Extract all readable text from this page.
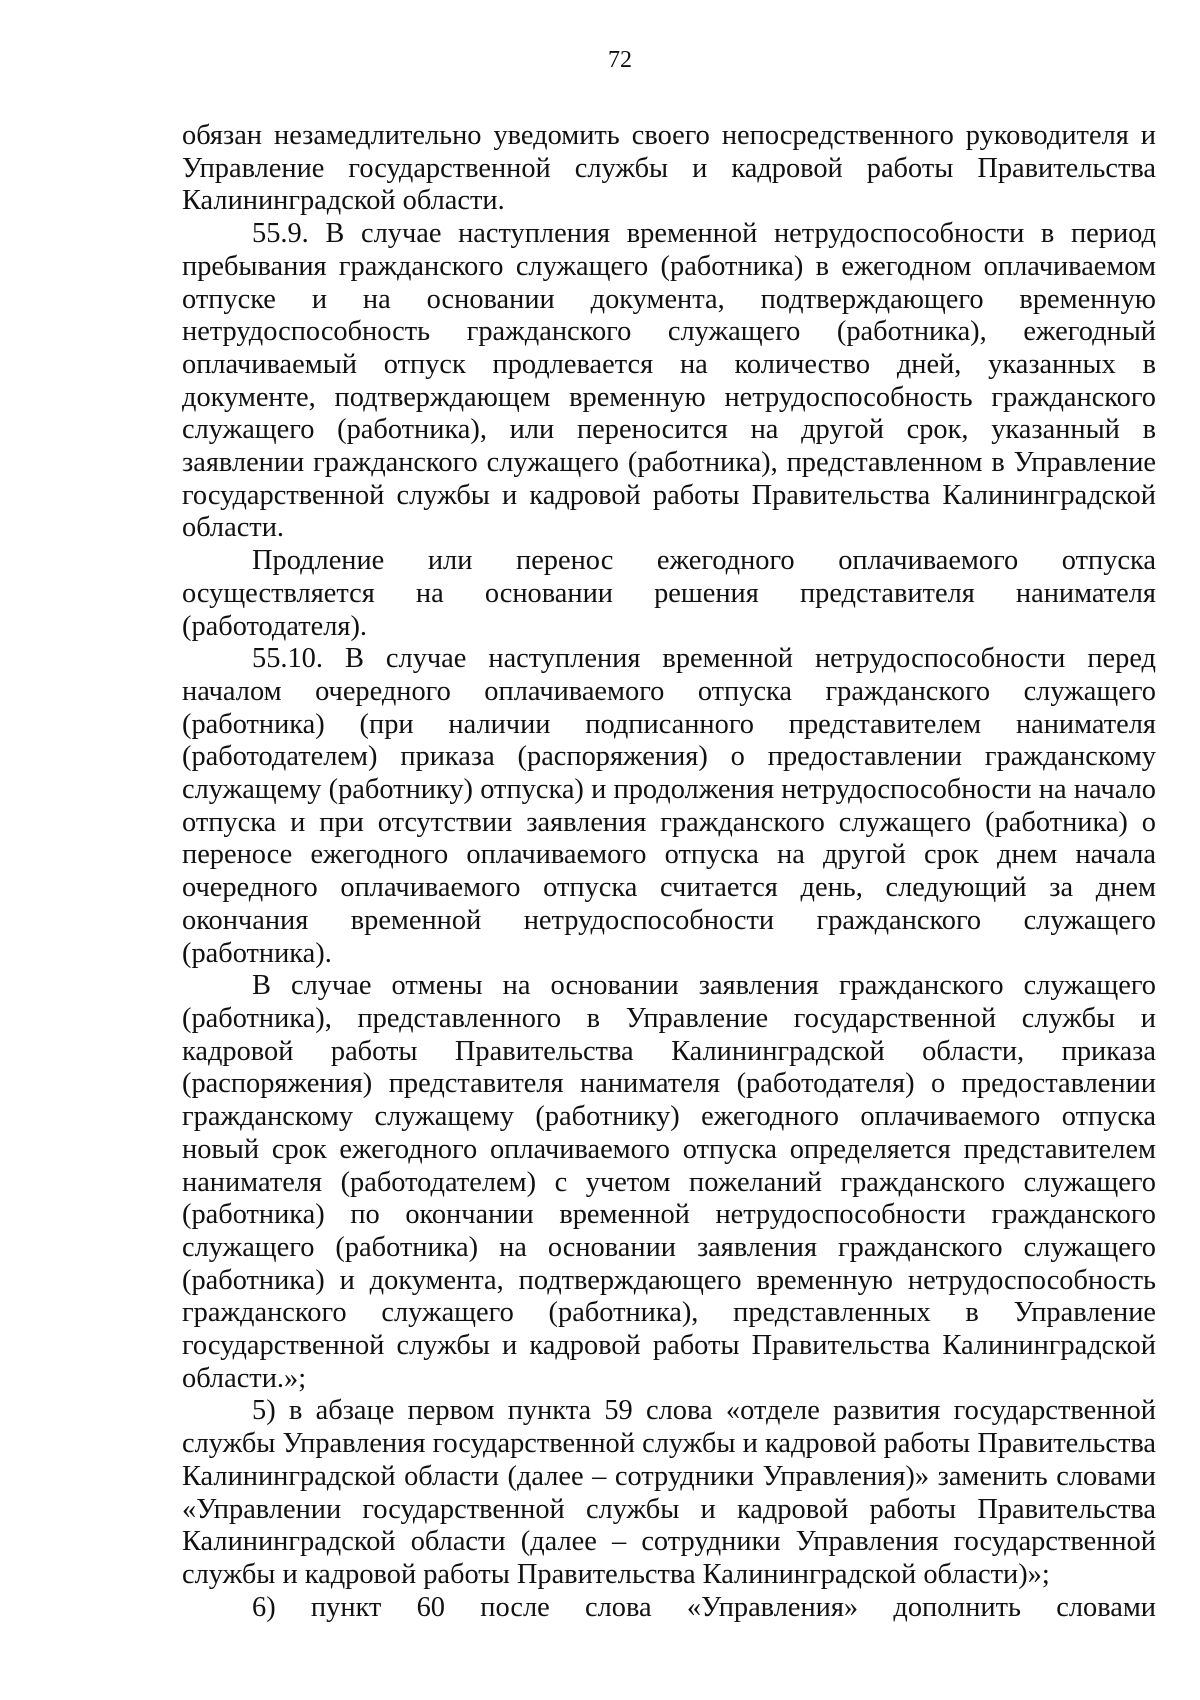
72

обязан незамедлительно уведомить своего непосредственного руководителя и Управление государственной службы и кадровой работы Правительства Калининградской области.

55.9. В случае наступления временной нетрудоспособности в период пребывания гражданского служащего (работника) в ежегодном оплачиваемом отпуске и на основании документа, подтверждающего временную нетрудоспособность гражданского служащего (работника), ежегодный оплачиваемый отпуск продлевается на количество дней, указанных в документе, подтверждающем временную нетрудоспособность гражданского служащего (работника), или переносится на другой срок, указанный в заявлении гражданского служащего (работника), представленном в Управление государственной службы и кадровой работы Правительства Калининградской области.

Продление или перенос ежегодного оплачиваемого отпуска осуществляется на основании решения представителя нанимателя (работодателя).

55.10. В случае наступления временной нетрудоспособности перед началом очередного оплачиваемого отпуска гражданского служащего (работника) (при наличии подписанного представителем нанимателя (работодателем) приказа (распоряжения) о предоставлении гражданскому служащему (работнику) отпуска) и продолжения нетрудоспособности на начало отпуска и при отсутствии заявления гражданского служащего (работника) о переносе ежегодного оплачиваемого отпуска на другой срок днем начала очередного оплачиваемого отпуска считается день, следующий за днем окончания временной нетрудоспособности гражданского служащего (работника).

В случае отмены на основании заявления гражданского служащего (работника), представленного в Управление государственной службы и кадровой работы Правительства Калининградской области, приказа (распоряжения) представителя нанимателя (работодателя) о предоставлении гражданскому служащему (работнику) ежегодного оплачиваемого отпуска новый срок ежегодного оплачиваемого отпуска определяется представителем нанимателя (работодателем) с учетом пожеланий гражданского служащего (работника) по окончании временной нетрудоспособности гражданского служащего (работника) на основании заявления гражданского служащего (работника) и документа, подтверждающего временную нетрудоспособность гражданского служащего (работника), представленных в Управление государственной службы и кадровой работы Правительства Калининградской области.»;

5) в абзаце первом пункта 59 слова «отделе развития государственной службы Управления государственной службы и кадровой работы Правительства Калининградской области (далее – сотрудники Управления)» заменить словами «Управлении государственной службы и кадровой работы Правительства Калининградской области (далее – сотрудники Управления государственной службы и кадровой работы Правительства Калининградской области)»;

6) пункт 60 после слова «Управления» дополнить словами
